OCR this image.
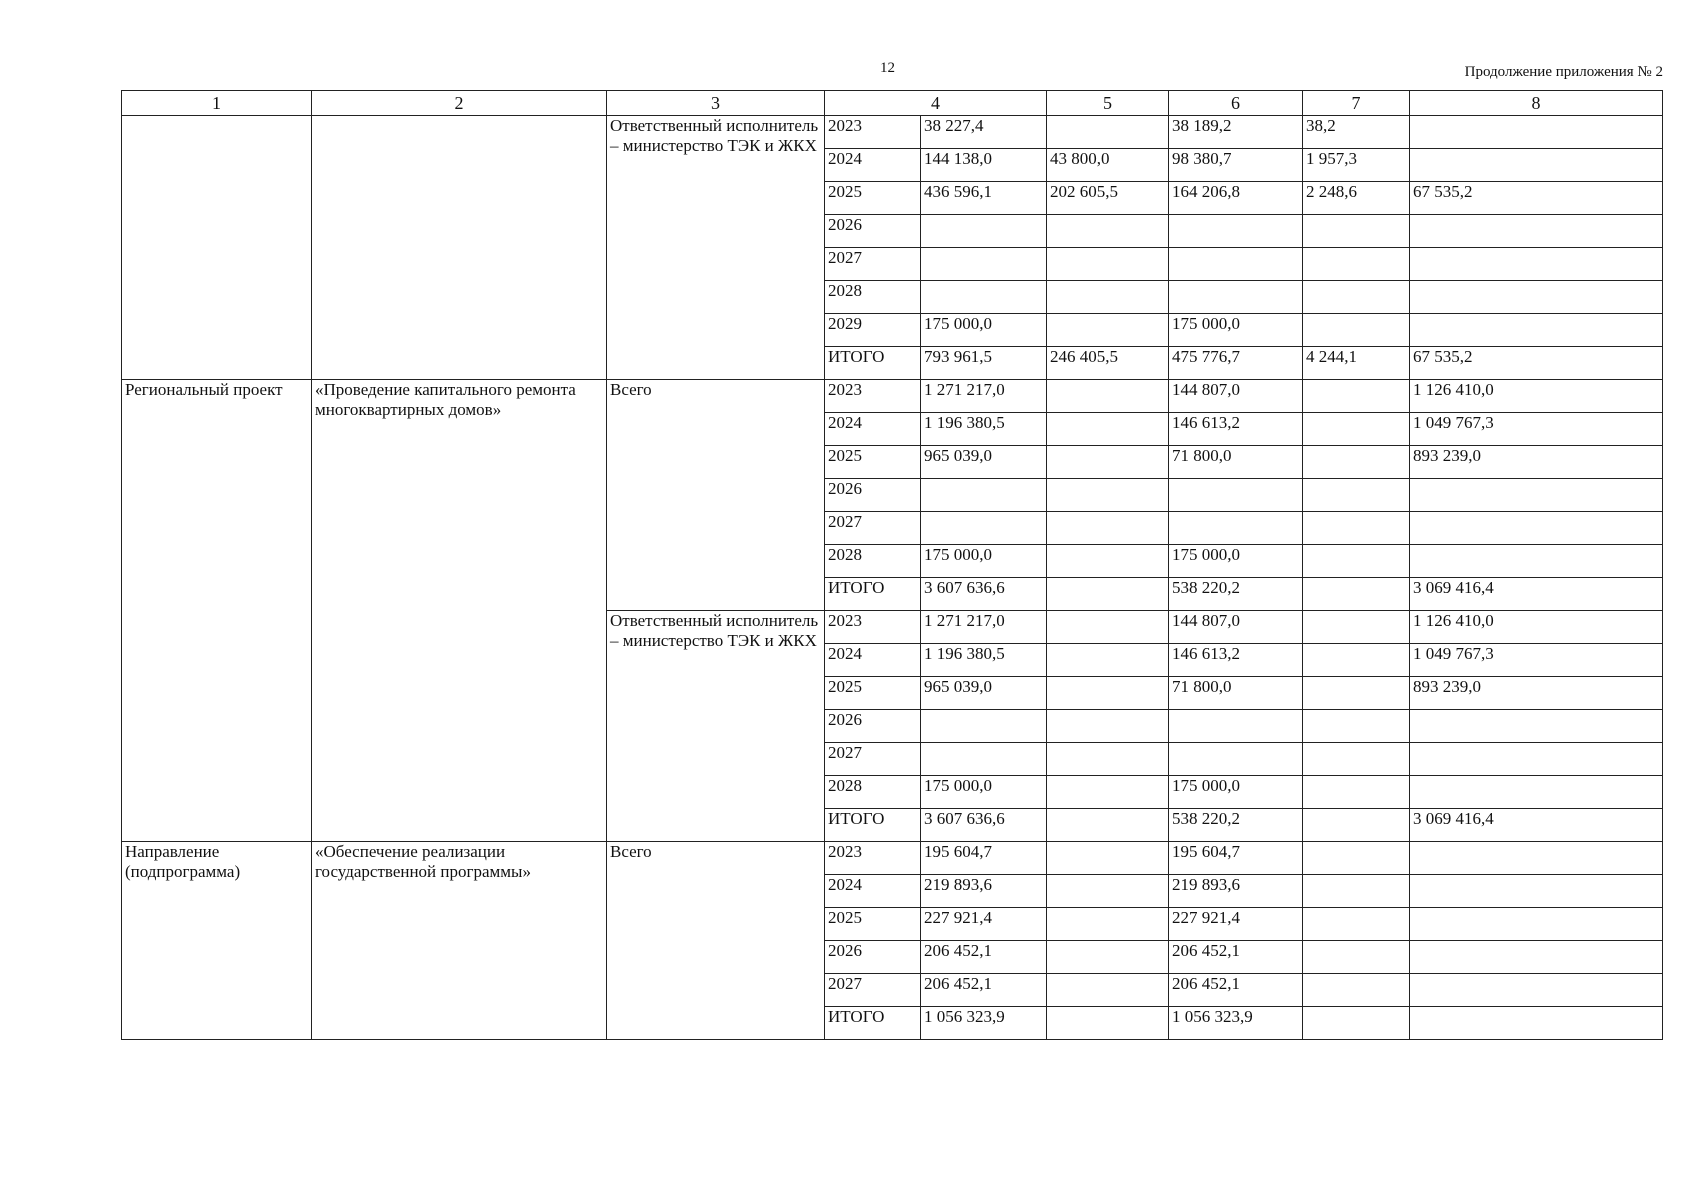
12	Продолжение приложения № 2
1	2	3	4		5	6	7	8
		Ответственный исполнитель – министерство ТЭК и ЖКХ	2023	38 227,4		38 189,2	38,2	
			2024	144 138,0	43 800,0	98 380,7	1 957,3	
			2025	436 596,1	202 605,5	164 206,8	2 248,6	67 535,2
			2026					
			2027					
			2028					
			2029	175 000,0		175 000,0		
			ИТОГО	793 961,5	246 405,5	475 776,7	4 244,1	67 535,2
Региональный проект	«Проведение капитального ремонта многоквартирных домов»	Всего	2023	1 271 217,0		144 807,0		1 126 410,0
			2024	1 196 380,5		146 613,2		1 049 767,3
			2025	965 039,0		71 800,0		893 239,0
			2026					
			2027					
			2028	175 000,0		175 000,0		
			ИТОГО	3 607 636,6		538 220,2		3 069 416,4
		Ответственный исполнитель – министерство ТЭК и ЖКХ	2023	1 271 217,0		144 807,0		1 126 410,0
			2024	1 196 380,5		146 613,2		1 049 767,3
			2025	965 039,0		71 800,0		893 239,0
			2026					
			2027					
			2028	175 000,0		175 000,0		
			ИТОГО	3 607 636,6		538 220,2		3 069 416,4
Направление (подпрограмма)	«Обеспечение реализации государственной программы»	Всего	2023	195 604,7		195 604,7		
			2024	219 893,6		219 893,6		
			2025	227 921,4		227 921,4		
			2026	206 452,1		206 452,1		
			2027	206 452,1		206 452,1		
			ИТОГО	1 056 323,9		1 056 323,9		
